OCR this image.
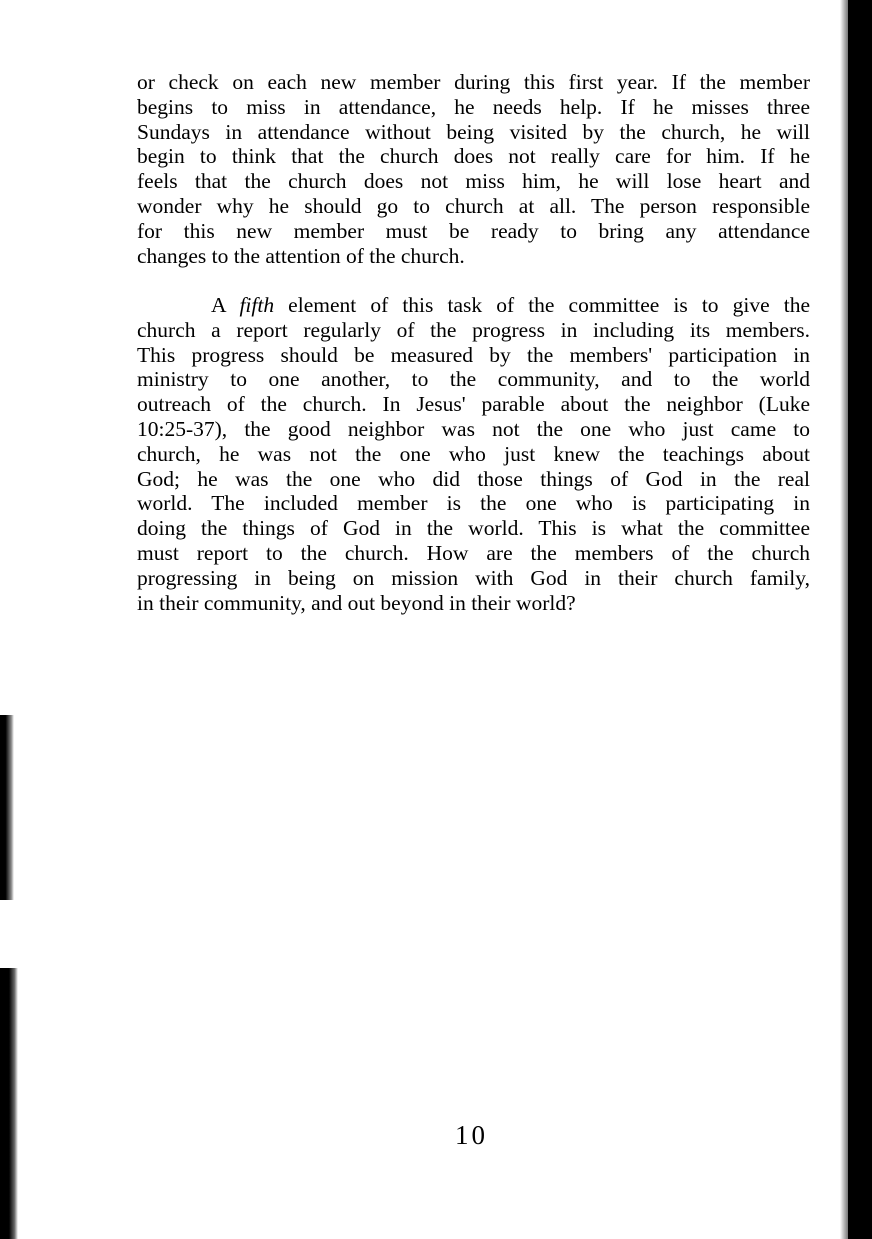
or check on each new member during this first year. If the member
begins to miss in attendance, he needs help. If he misses three
Sundays in attendance without being visited by the church, he will
begin to think that the church does not really care for him. If he
feels that the church does not miss him, he will lose heart and
wonder why he should go to church at all. The person responsible
for this new member must be ready to bring any attendance
changes to the attention of the church.
A fifth element of this task of the committee is to give the
church a report regularly of the progress in including its members.
This progress should be measured by the members' participation in
ministry to one another, to the community, and to the world
outreach of the church. In Jesus' parable about the neighbor (Luke
10:25-37), the good neighbor was not the one who just came to
church, he was not the one who just knew the teachings about
God; he was the one who did those things of God in the real
world. The included member is the one who is participating in
doing the things of God in the world. This is what the committee
must report to the church. How are the members of the church
progressing in being on mission with God in their church family,
in their community, and out beyond in their world?
10
